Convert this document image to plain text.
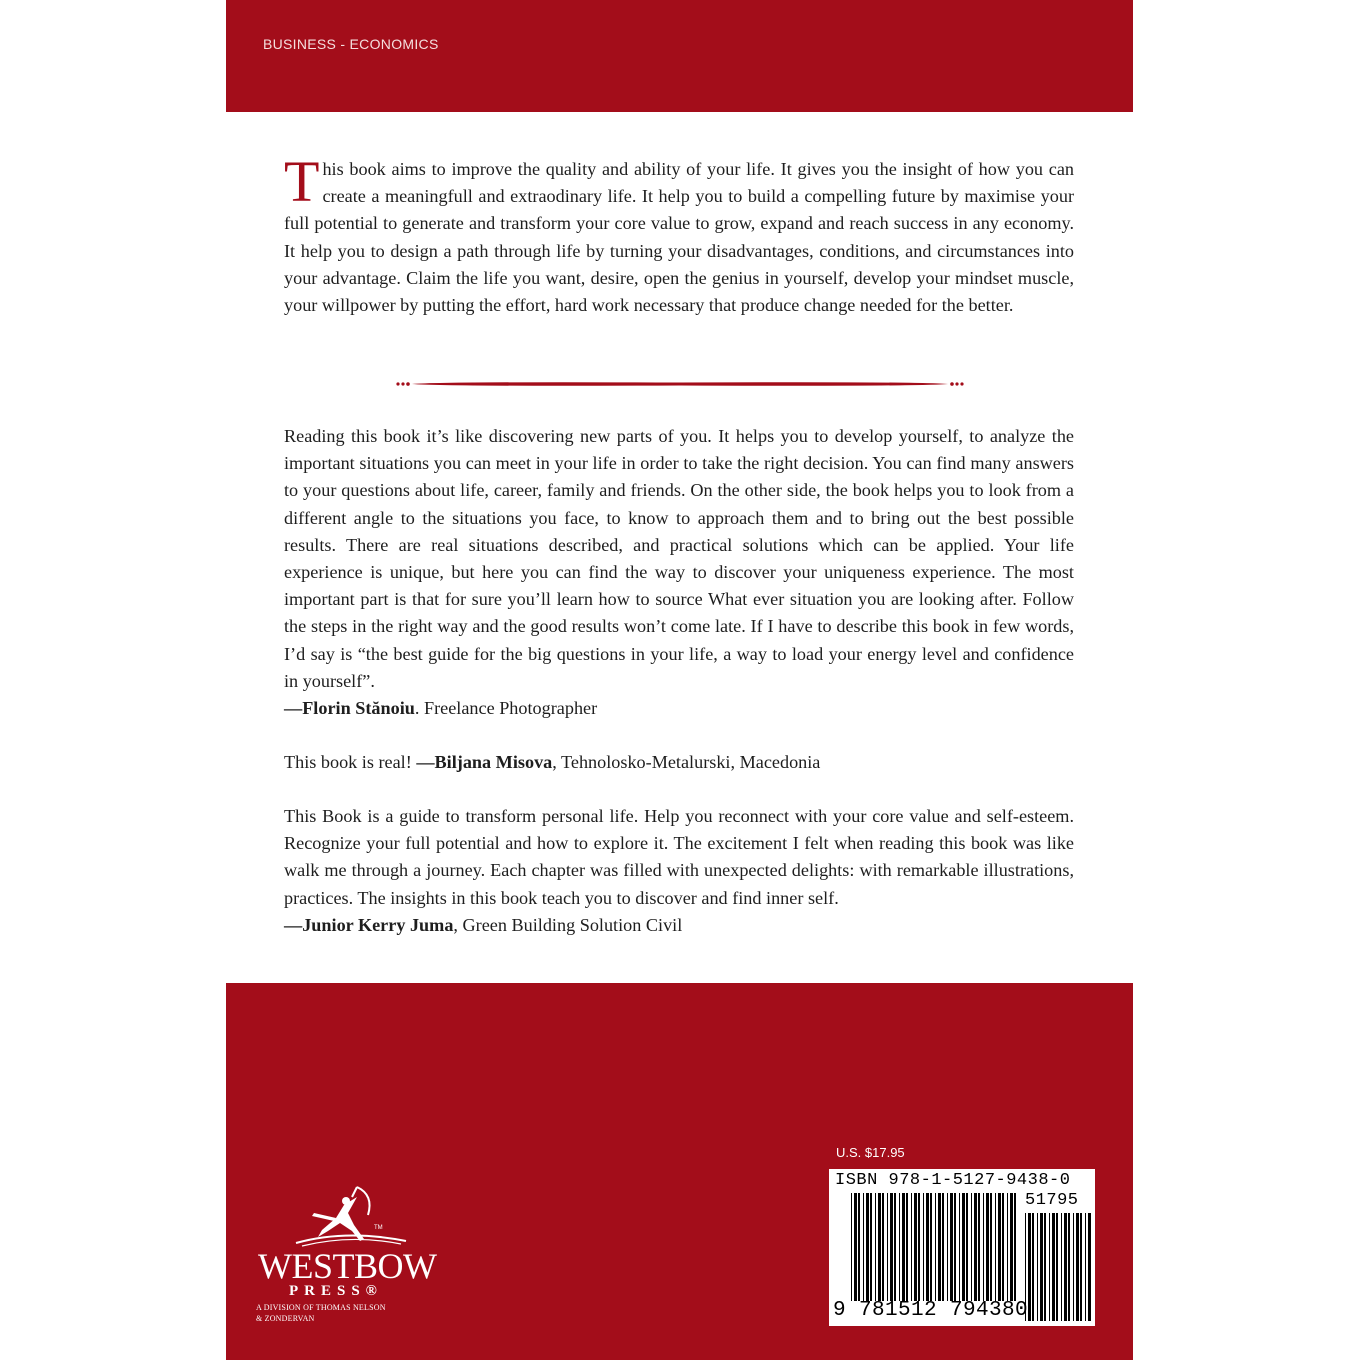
BUSINESS - ECONOMICS

This book aims to improve the quality and ability of your life. It gives you the insight of how you can create a meaningfull and extraodinary life. It help you to build a compelling future by maximise your full potential to generate and transform your core value to grow, expand and reach success in any economy. It help you to design a path through life by turning your disadvantages, conditions, and circumstances into your advantage. Claim the life you want, desire, open the genius in yourself, develop your mindset muscle, your willpower by putting the effort, hard work necessary that produce change needed for the better.

Reading this book it’s like discovering new parts of you. It helps you to develop yourself, to analyze the important situations you can meet in your life in order to take the right decision. You can find many answers to your questions about life, career, family and friends. On the other side, the book helps you to look from a different angle to the situations you face, to know to approach them and to bring out the best possible results. There are real situations described, and practical solutions which can be applied. Your life experience is unique, but here you can find the way to discover your uniqueness experience. The most important part is that for sure you’ll learn how to source What ever situation you are looking after. Follow the steps in the right way and the good results won’t come late. If I have to describe this book in few words, I’d say is “the best guide for the big questions in your life, a way to load your energy level and confidence in yourself”.
—Florin Stănoiu. Freelance Photographer

This book is real! —Biljana Misova, Tehnolosko-Metalurski, Macedonia

This Book is a guide to transform personal life. Help you reconnect with your core value and self-esteem. Recognize your full potential and how to explore it. The excitement I felt when reading this book was like walk me through a journey. Each chapter was filled with unexpected delights: with remarkable illustrations, practices. The insights in this book teach you to discover and find inner self.
—Junior Kerry Juma, Green Building Solution Civil

TM
WESTBOW
PRESS®
A DIVISION OF THOMAS NELSON
& ZONDERVAN
U.S. $17.95
ISBN 978-1-5127-9438-0
51795
9 781512 794380
